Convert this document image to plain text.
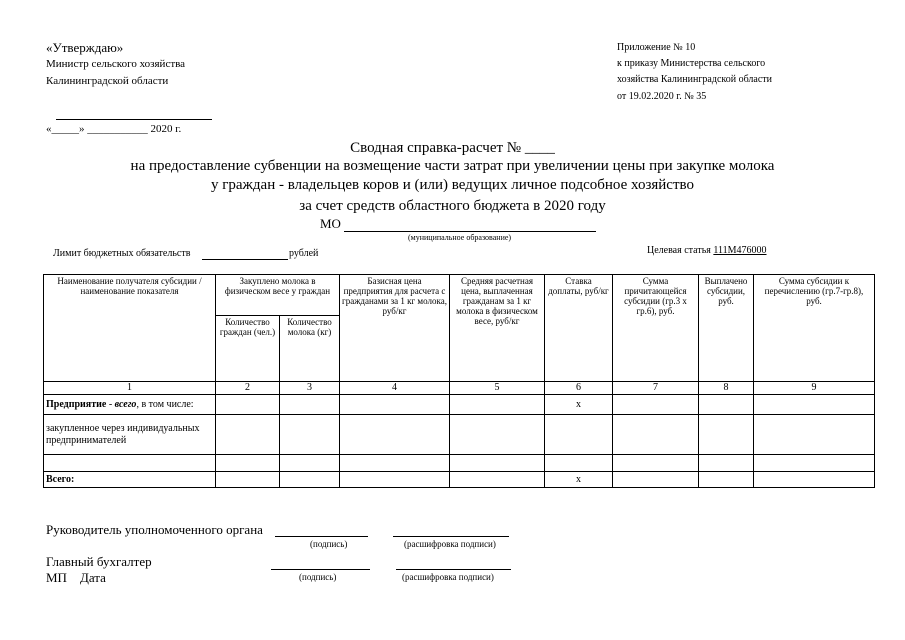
«Утверждаю»
Министр сельского хозяйства
Калининградской области
«_____» ___________ 2020 г.
Приложение № 10
к приказу Министерства сельского
хозяйства Калининградской области
от 19.02.2020 г. № 35
Сводная справка-расчет № ____
на предоставление субвенции на возмещение части затрат при увеличении цены при закупке молока
у граждан - владельцев коров и (или) ведущих личное подсобное хозяйство
за счет средств областного бюджета в 2020 году
МО
(муниципальное образование)
Лимит бюджетных обязательств	рублей	Целевая статья 111М476000
Наименование получателя субсидии / наименование показателя	Закуплено молока в физическом весе у граждан		Базисная цена предприятия для расчета с гражданами за 1 кг молока, руб/кг	Средняя расчетная цена, выплаченная гражданам за 1 кг молока в физическом весе, руб/кг	Ставка доплаты, руб/кг	Сумма причитающейся субсидии (гр.3 х гр.6), руб.	Выплачено субсидии, руб.	Сумма субсидии к перечислению (гр.7-гр.8), руб.
	Количество граждан (чел.)	Количество молока (кг)						
1	2	3	4	5	6	7	8	9
Предприятие - всего, в том числе:					х			
закупленное через индивидуальных предпринимателей								

Всего:					х			
Руководитель уполномоченного органа
(подпись)	(расшифровка подписи)
Главный бухгалтер
МП Дата	(подпись)	(расшифровка подписи)
